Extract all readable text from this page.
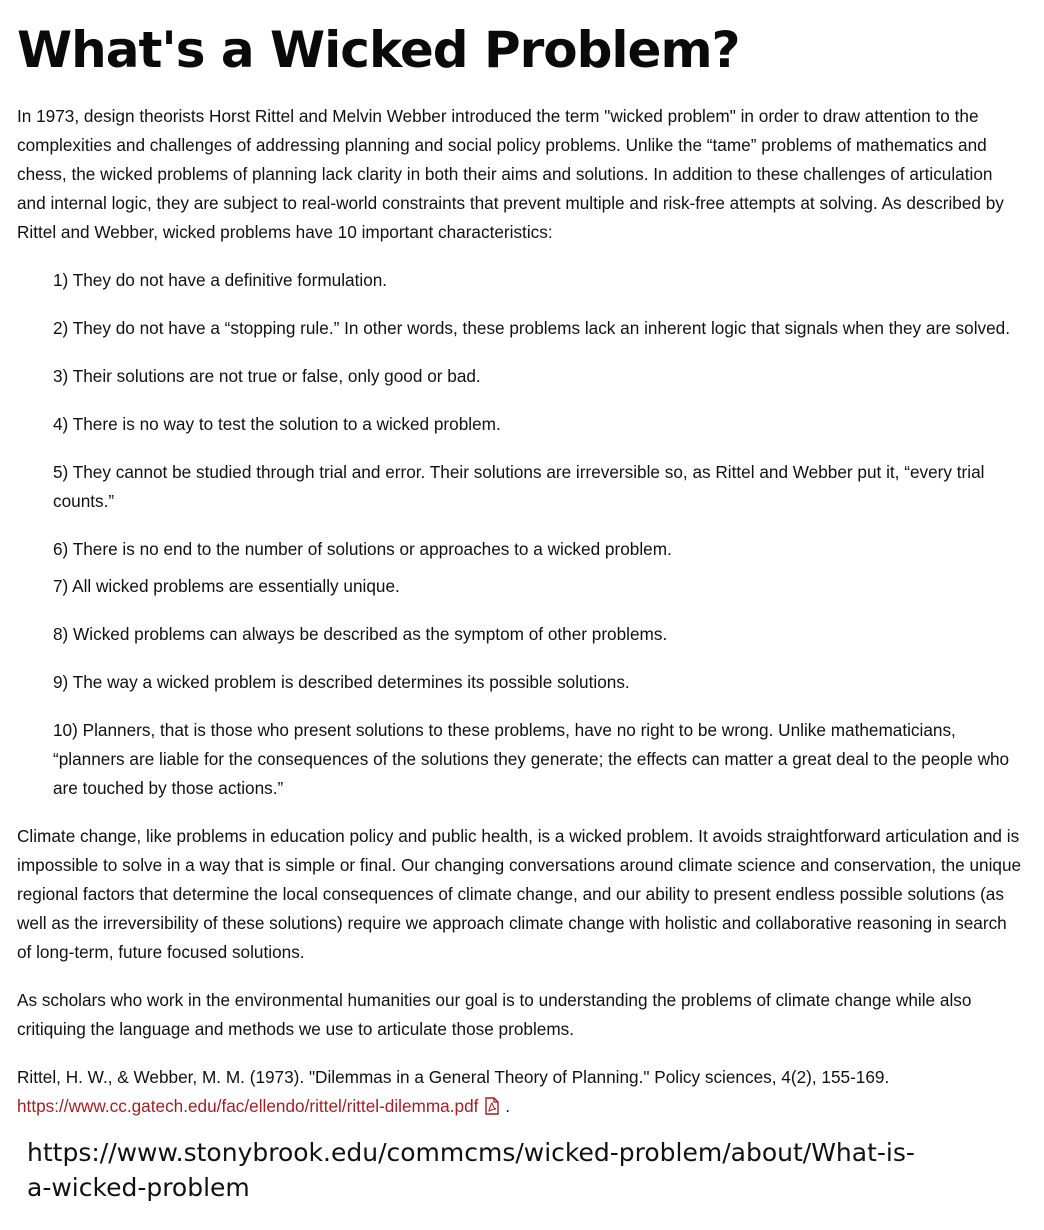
What's a Wicked Problem?

In 1973, design theorists Horst Rittel and Melvin Webber introduced the term "wicked problem" in order to draw attention to the complexities and challenges of addressing planning and social policy problems. Unlike the “tame” problems of mathematics and chess, the wicked problems of planning lack clarity in both their aims and solutions. In addition to these challenges of articulation and internal logic, they are subject to real-world constraints that prevent multiple and risk-free attempts at solving. As described by Rittel and Webber, wicked problems have 10 important characteristics:

1) They do not have a definitive formulation.
2) They do not have a “stopping rule.” In other words, these problems lack an inherent logic that signals when they are solved.
3) Their solutions are not true or false, only good or bad.
4) There is no way to test the solution to a wicked problem.
5) They cannot be studied through trial and error. Their solutions are irreversible so, as Rittel and Webber put it, “every trial counts.”
6) There is no end to the number of solutions or approaches to a wicked problem.
7) All wicked problems are essentially unique.
8) Wicked problems can always be described as the symptom of other problems.
9) The way a wicked problem is described determines its possible solutions.
10) Planners, that is those who present solutions to these problems, have no right to be wrong. Unlike mathematicians, “planners are liable for the consequences of the solutions they generate; the effects can matter a great deal to the people who are touched by those actions.”

Climate change, like problems in education policy and public health, is a wicked problem. It avoids straightforward articulation and is impossible to solve in a way that is simple or final. Our changing conversations around climate science and conservation, the unique regional factors that determine the local consequences of climate change, and our ability to present endless possible solutions (as well as the irreversibility of these solutions) require we approach climate change with holistic and collaborative reasoning in search of long-term, future focused solutions.

As scholars who work in the environmental humanities our goal is to understanding the problems of climate change while also critiquing the language and methods we use to articulate those problems.

Rittel, H. W., & Webber, M. M. (1973). "Dilemmas in a General Theory of Planning." Policy sciences, 4(2), 155-169.
https://www.cc.gatech.edu/fac/ellendo/rittel/rittel-dilemma.pdf .

https://www.stonybrook.edu/commcms/wicked-problem/about/What-is-a-wicked-problem
